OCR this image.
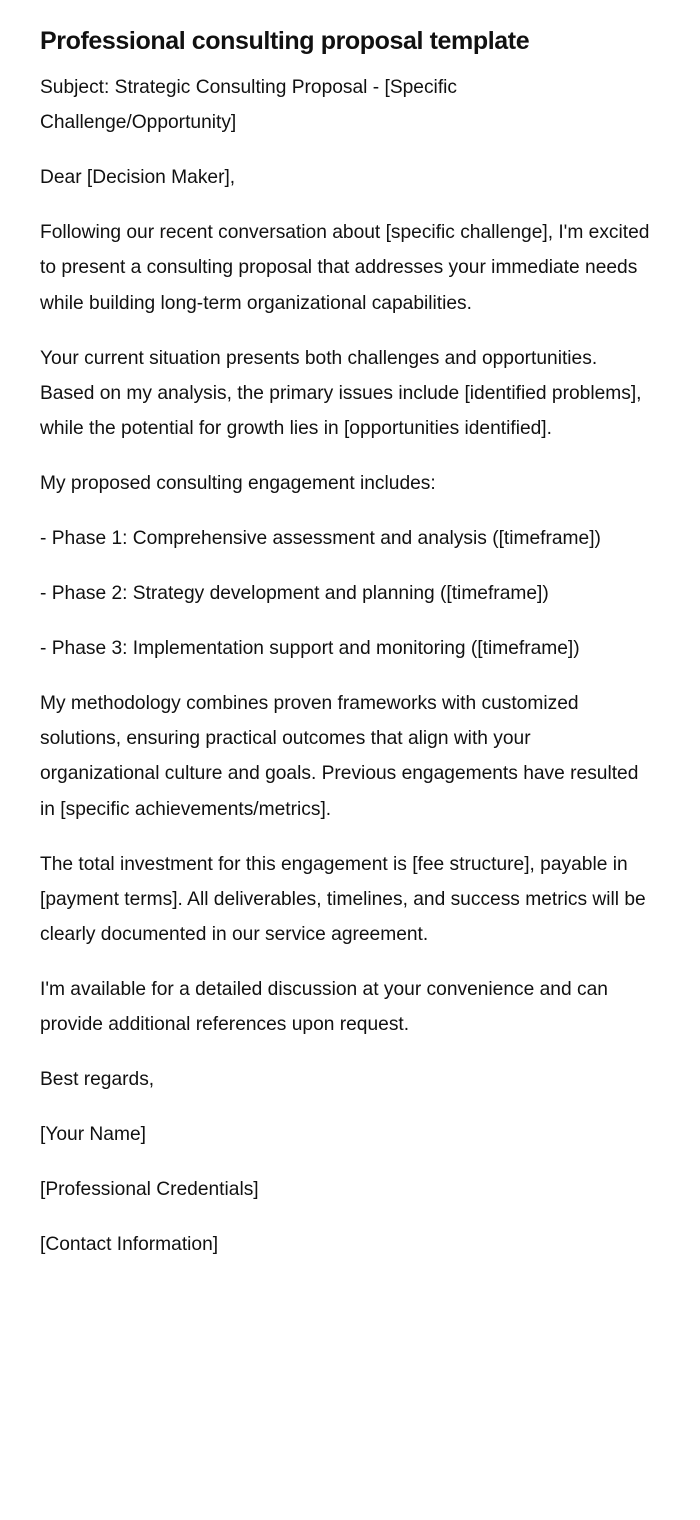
Professional consulting proposal template

Subject: Strategic Consulting Proposal - [Specific Challenge/Opportunity]

Dear [Decision Maker],

Following our recent conversation about [specific challenge], I'm excited to present a consulting proposal that addresses your immediate needs while building long-term organizational capabilities.

Your current situation presents both challenges and opportunities. Based on my analysis, the primary issues include [identified problems], while the potential for growth lies in [opportunities identified].

My proposed consulting engagement includes:

- Phase 1: Comprehensive assessment and analysis ([timeframe])

- Phase 2: Strategy development and planning ([timeframe])

- Phase 3: Implementation support and monitoring ([timeframe])

My methodology combines proven frameworks with customized solutions, ensuring practical outcomes that align with your organizational culture and goals. Previous engagements have resulted in [specific achievements/metrics].

The total investment for this engagement is [fee structure], payable in [payment terms]. All deliverables, timelines, and success metrics will be clearly documented in our service agreement.

I'm available for a detailed discussion at your convenience and can provide additional references upon request.

Best regards,

[Your Name]

[Professional Credentials]

[Contact Information]
